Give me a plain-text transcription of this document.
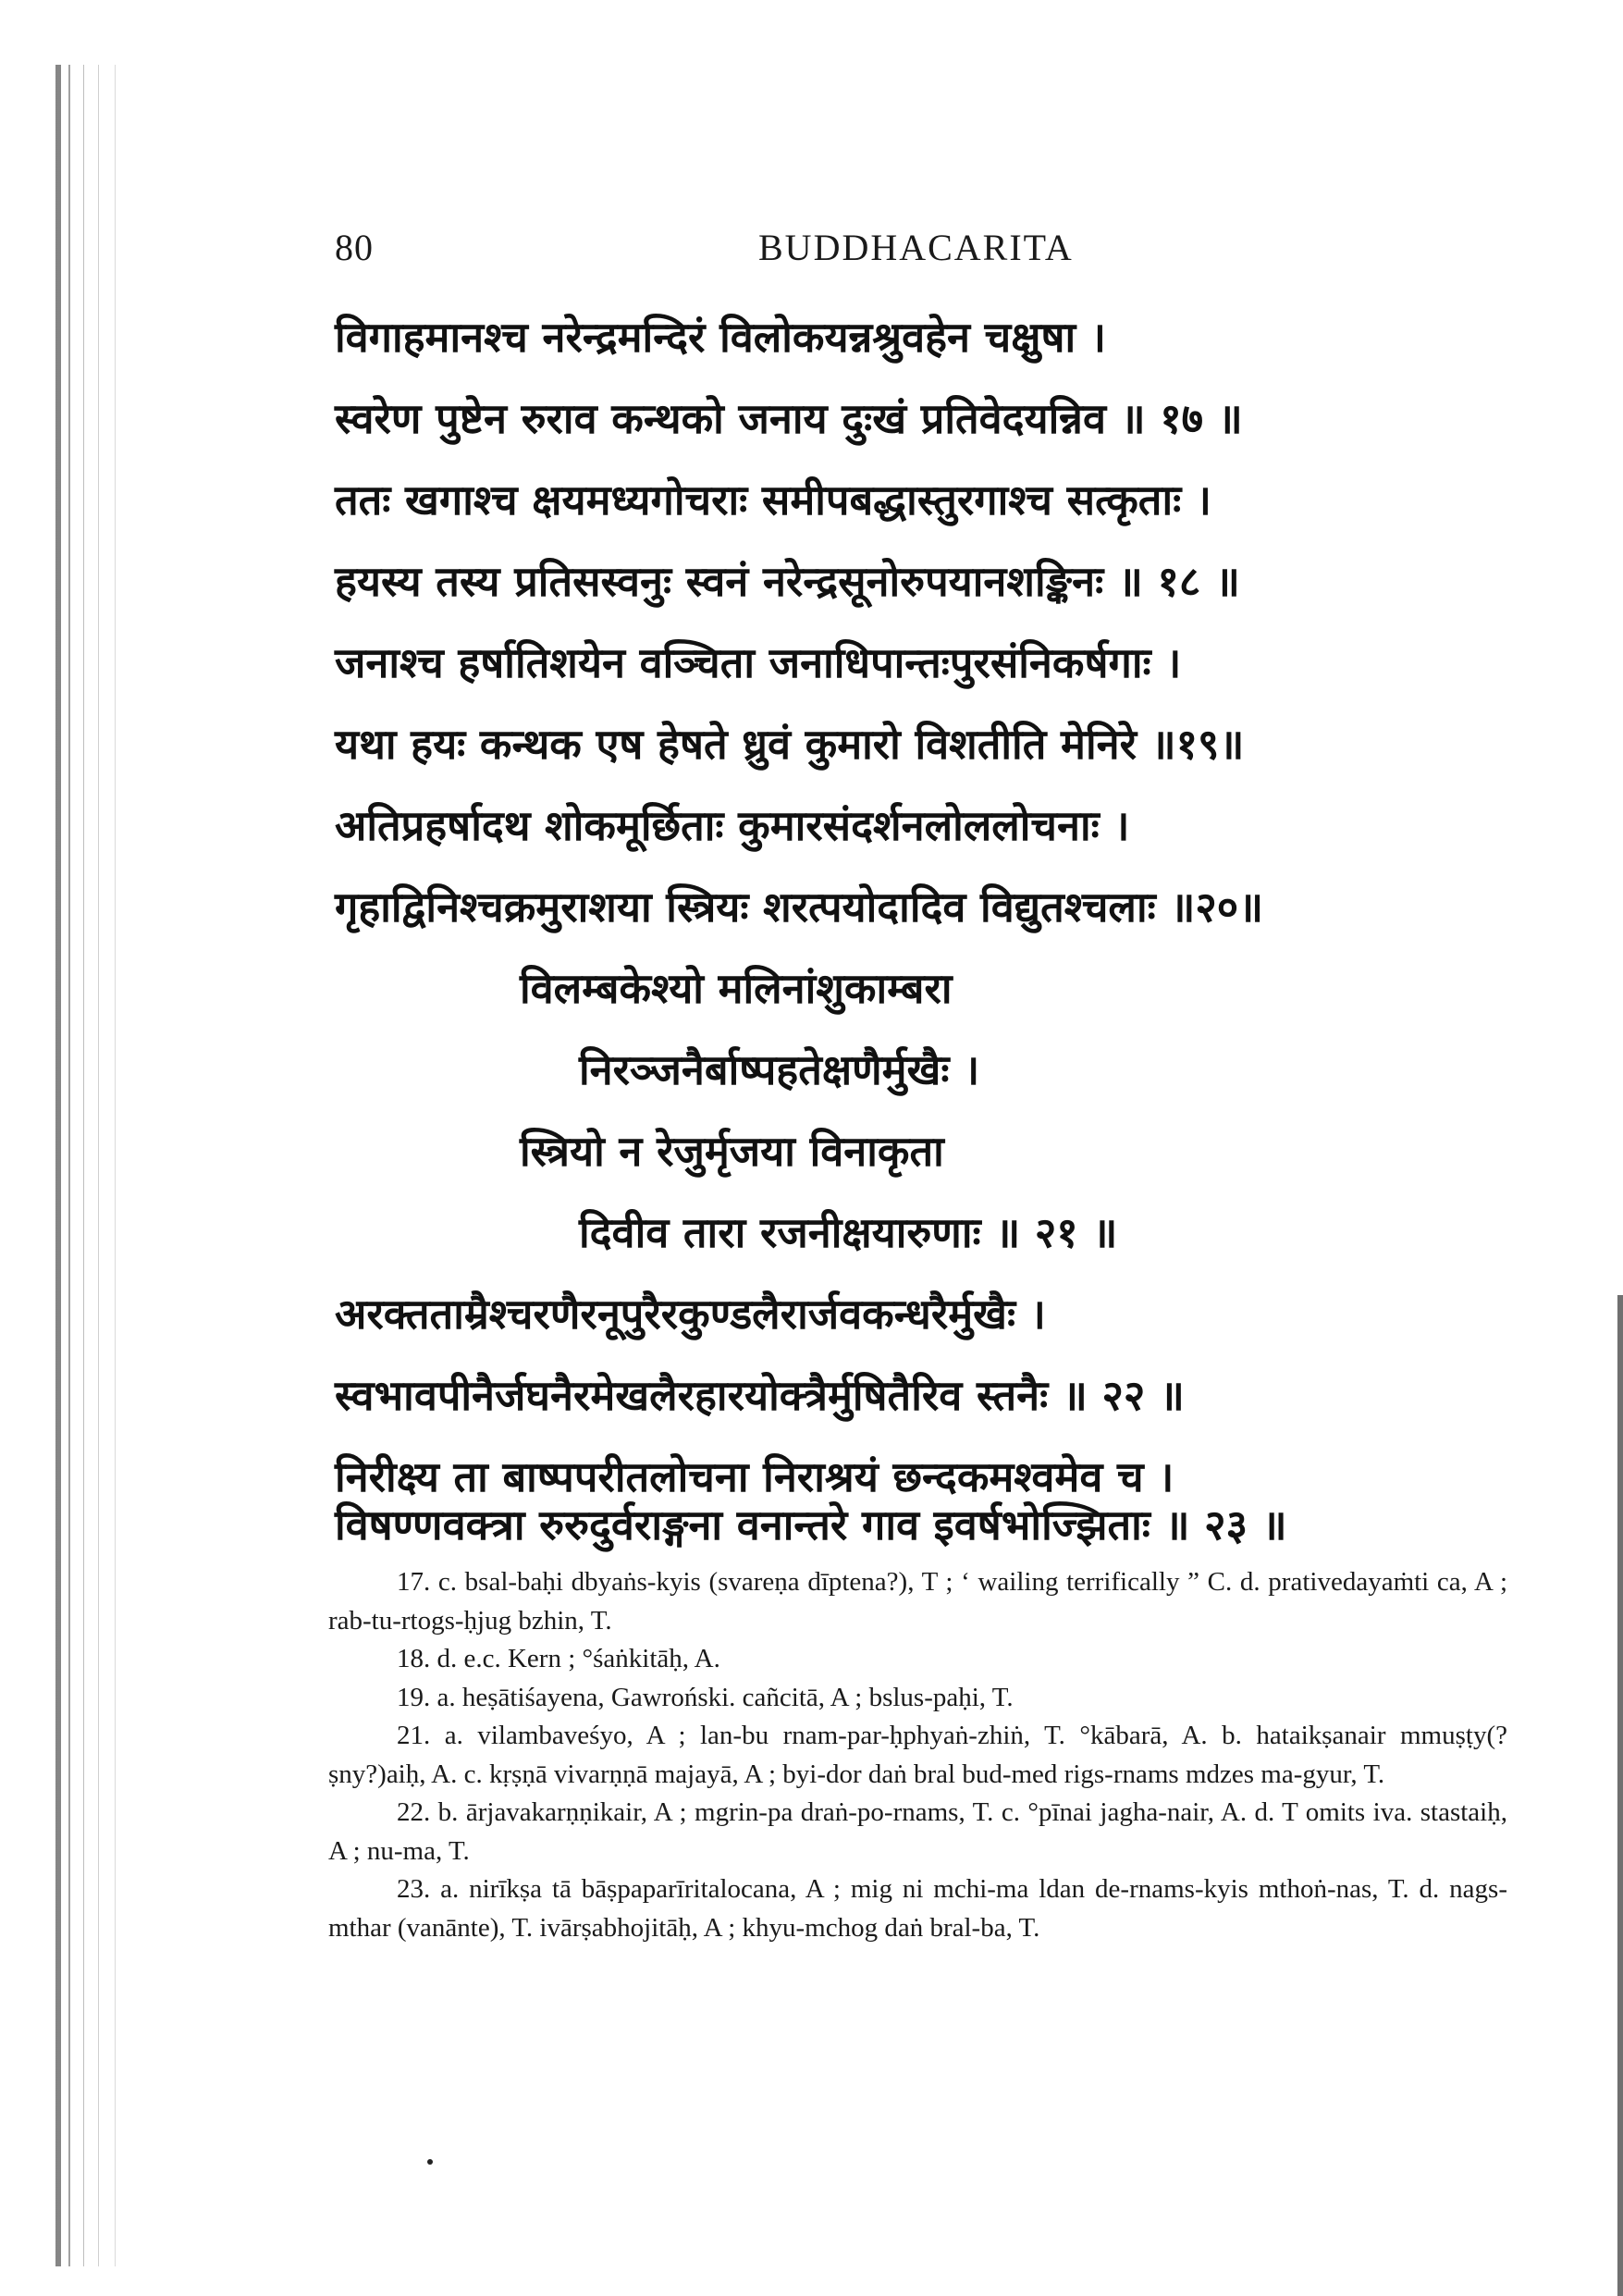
80	BUDDHACARITA
विगाहमानश्च नरेन्द्रमन्दिरं विलोकयन्नश्रुवहेन चक्षुषा ।
स्वरेण पुष्टेन रुराव कन्थको जनाय दुःखं प्रतिवेदयन्निव ॥ १७ ॥
ततः खगाश्च क्षयमध्यगोचराः समीपबद्धास्तुरगाश्च सत्कृताः ।
हयस्य तस्य प्रतिसस्वनुः स्वनं नरेन्द्रसूनोरुपयानशङ्किनः ॥ १८ ॥
जनाश्च हर्षातिशयेन वञ्चिता जनाधिपान्तःपुरसंनिकर्षगाः ।
यथा हयः कन्थक एष हेषते ध्रुवं कुमारो विशतीति मेनिरे ॥१९॥
अतिप्रहर्षादथ शोकमूर्छिताः कुमारसंदर्शनलोललोचनाः ।
गृहाद्विनिश्चक्रमुराशया स्त्रियः शरत्पयोदादिव विद्युतश्चलाः ॥२०॥
विलम्बकेश्यो मलिनांशुकाम्बरा
निरञ्जनैर्बाष्पहतेक्षणैर्मुखैः ।
स्त्रियो न रेजुर्मृजया विनाकृता
दिवीव तारा रजनीक्षयारुणाः ॥ २१ ॥
अरक्तताम्रैश्चरणैरनूपुरैरकुण्डलैरार्जवकन्धरैर्मुखैः ।
स्वभावपीनैर्जघनैरमेखलैरहारयोक्त्रैर्मुषितैरिव स्तनैः ॥ २२ ॥
निरीक्ष्य ता बाष्पपरीतलोचना निराश्रयं छन्दकमश्वमेव च ।
विषण्णवक्त्रा रुरुदुर्वराङ्गना वनान्तरे गाव इवर्षभोज्झिताः ॥ २३ ॥
17. c. bsal-baḥi dbyaṅs-kyis (svareṇa dīptena?), T ; ‘ wailing terrifically ” C. d. prativedayaṁti ca, A ; rab-tu-rtogs-ḥjug bzhin, T.
18. d. e.c. Kern ; °śaṅkitāḥ, A.
19. a. heṣātiśayena, Gawroński. cañcitā, A ; bslus-paḥi, T.
21. a. vilambaveśyo, A ; lan-bu rnam-par-ḥphyaṅ-zhiṅ, T. °kābarā, A. b. hataikṣanair mmuṣṭy(?ṣny?)aiḥ, A. c. kṛṣṇā vivarṇṇā majayā, A ; byi-dor daṅ bral bud-med rigs-rnams mdzes ma-gyur, T.
22. b. ārjavakarṇṇikair, A ; mgrin-pa draṅ-po-rnams, T. c. °pīnai jagha-nair, A. d. T omits iva. stastaiḥ, A ; nu-ma, T.
23. a. nirīkṣa tā bāṣpaparīritalocana, A ; mig ni mchi-ma ldan de-rnams-kyis mthoṅ-nas, T. d. nags-mthar (vanānte), T. ivārṣabhojitāḥ, A ; khyu-mchog daṅ bral-ba, T.
